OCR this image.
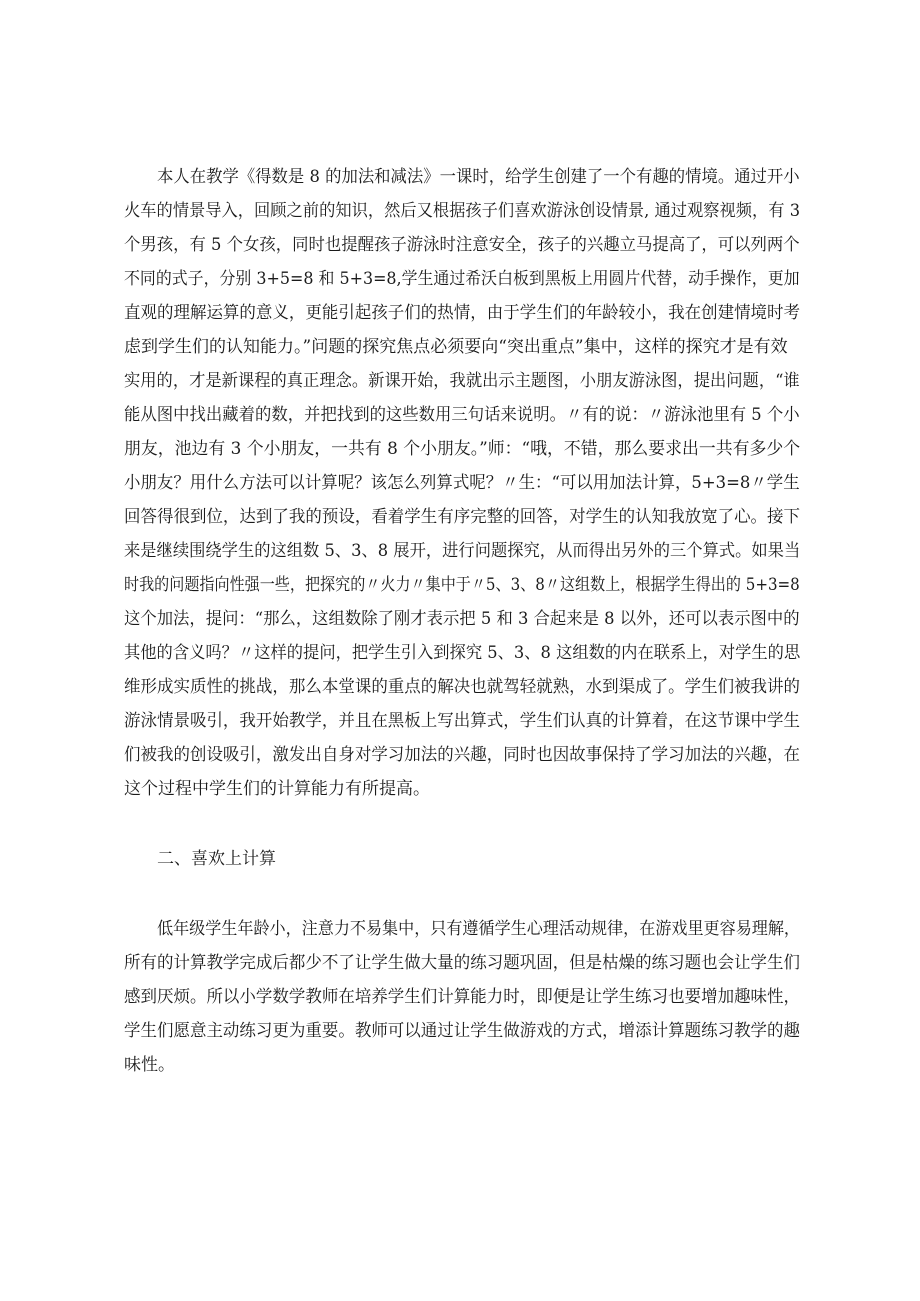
本人在教学《得数是 8 的加法和减法》一课时，给学生创建了一个有趣的情境。通过开小
火车的情景导入，回顾之前的知识，然后又根据孩子们喜欢游泳创设情景, 通过观察视频，有 3
个男孩，有 5 个女孩，同时也提醒孩子游泳时注意安全，孩子的兴趣立马提高了，可以列两个
不同的式子，分别 3+5=8 和 5+3=8,学生通过希沃白板到黑板上用圆片代替，动手操作，更加
直观的理解运算的意义，更能引起孩子们的热情，由于学生们的年龄较小，我在创建情境时考
虑到学生们的认知能力。”问题的探究焦点必须要向“突出重点”集中，这样的探究才是有效
实用的，才是新课程的真正理念。新课开始，我就出示主题图，小朋友游泳图，提出问题，“谁
能从图中找出藏着的数，并把找到的这些数用三句话来说明。〃有的说：〃游泳池里有 5 个小
朋友，池边有 3 个小朋友，一共有 8 个小朋友。”师：“哦，不错，那么要求出一共有多少个
小朋友？用什么方法可以计算呢？该怎么列算式呢？〃生：“可以用加法计算，5+3=8〃学生
回答得很到位，达到了我的预设，看着学生有序完整的回答，对学生的认知我放宽了心。接下
来是继续围绕学生的这组数 5、3、8 展开，进行问题探究，从而得出另外的三个算式。如果当
时我的问题指向性强一些，把探究的〃火力〃集中于〃5、3、8〃这组数上，根据学生得出的 5+3=8
这个加法，提问：“那么，这组数除了刚才表示把 5 和 3 合起来是 8 以外，还可以表示图中的
其他的含义吗？〃这样的提问，把学生引入到探究 5、3、8 这组数的内在联系上，对学生的思
维形成实质性的挑战，那么本堂课的重点的解决也就驾轻就熟，水到渠成了。学生们被我讲的
游泳情景吸引，我开始教学，并且在黑板上写出算式，学生们认真的计算着，在这节课中学生
们被我的创设吸引，激发出自身对学习加法的兴趣，同时也因故事保持了学习加法的兴趣，在
这个过程中学生们的计算能力有所提高。
二、喜欢上计算
低年级学生年龄小，注意力不易集中，只有遵循学生心理活动规律，在游戏里更容易理解，
所有的计算教学完成后都少不了让学生做大量的练习题巩固，但是枯燥的练习题也会让学生们
感到厌烦。所以小学数学教师在培养学生们计算能力时，即便是让学生练习也要增加趣味性，
学生们愿意主动练习更为重要。教师可以通过让学生做游戏的方式，增添计算题练习教学的趣
味性。
